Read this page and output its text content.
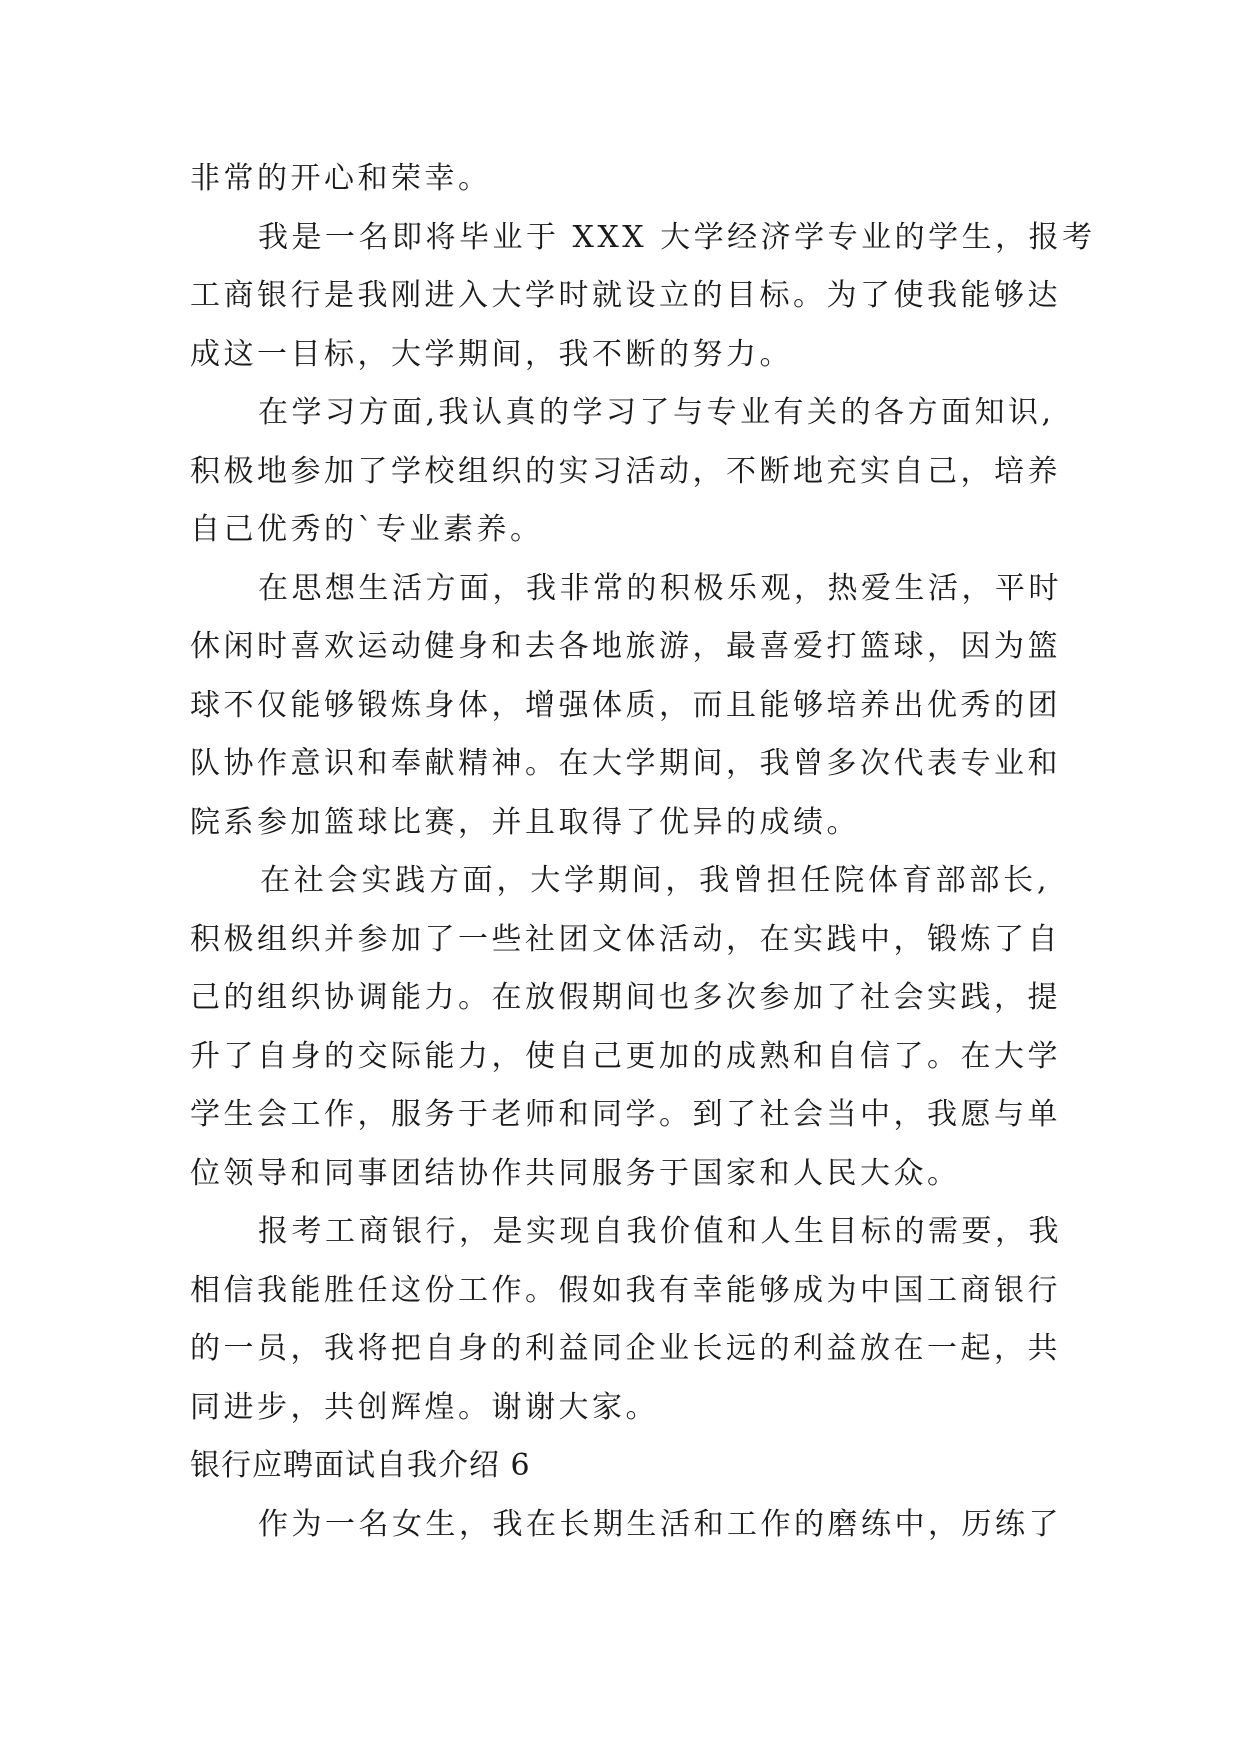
非常的开心和荣幸。
我是一名即将毕业于 XXX 大学经济学专业的学生，报考
工商银行是我刚进入大学时就设立的目标。为了使我能够达
成这一目标，大学期间，我不断的努力。
在学习方面,我认真的学习了与专业有关的各方面知识,
积极地参加了学校组织的实习活动，不断地充实自己，培养
自己优秀的`专业素养。
在思想生活方面，我非常的积极乐观，热爱生活，平时
休闲时喜欢运动健身和去各地旅游，最喜爱打篮球，因为篮
球不仅能够锻炼身体，增强体质，而且能够培养出优秀的团
队协作意识和奉献精神。在大学期间，我曾多次代表专业和
院系参加篮球比赛，并且取得了优异的成绩。
在社会实践方面，大学期间，我曾担任院体育部部长,
积极组织并参加了一些社团文体活动，在实践中，锻炼了自
己的组织协调能力。在放假期间也多次参加了社会实践，提
升了自身的交际能力，使自己更加的成熟和自信了。在大学
学生会工作，服务于老师和同学。到了社会当中，我愿与单
位领导和同事团结协作共同服务于国家和人民大众。
报考工商银行，是实现自我价值和人生目标的需要，我
相信我能胜任这份工作。假如我有幸能够成为中国工商银行
的一员，我将把自身的利益同企业长远的利益放在一起，共
同进步，共创辉煌。谢谢大家。
银行应聘面试自我介绍 6
作为一名女生，我在长期生活和工作的磨练中，历练了
